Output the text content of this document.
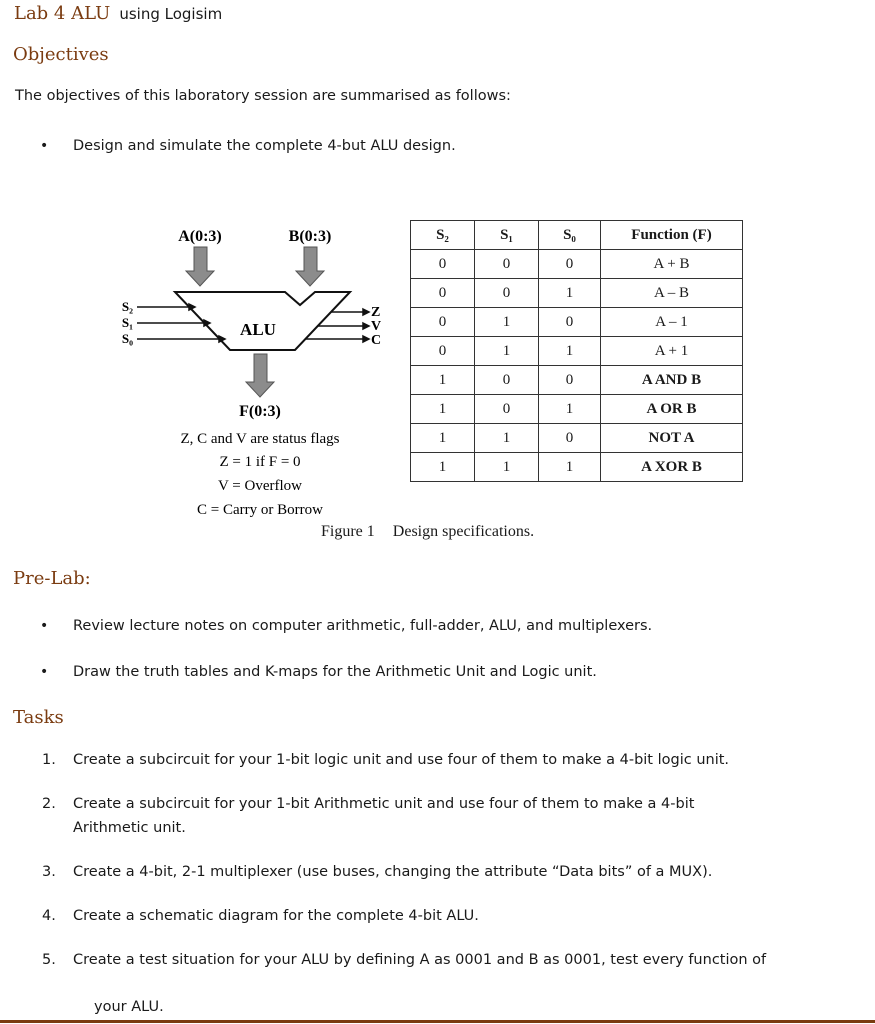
Lab 4 ALU using Logisim
Objectives
The objectives of this laboratory session are summarised as follows:
• Design and simulate the complete 4-but ALU design.
A(0:3)	B(0:3)
ALU
S₂
S₁
S₀
Z
V
C
F(0:3)
Z, C and V are status flags
Z = 1 if F = 0
V = Overflow
C = Carry or Borrow
S₂	S₁	S₀	Function (F)
0	0	0	A + B
0	0	1	A – B
0	1	0	A – 1
0	1	1	A + 1
1	0	0	A AND B
1	0	1	A OR B
1	1	0	NOT A
1	1	1	A XOR B
Figure 1 Design specifications.
Pre-Lab:
• Review lecture notes on computer arithmetic, full-adder, ALU, and multiplexers.
• Draw the truth tables and K-maps for the Arithmetic Unit and Logic unit.
Tasks
1. Create a subcircuit for your 1-bit logic unit and use four of them to make a 4-bit logic unit.
2. Create a subcircuit for your 1-bit Arithmetic unit and use four of them to make a 4-bit
Arithmetic unit.
3. Create a 4-bit, 2-1 multiplexer (use buses, changing the attribute “Data bits” of a MUX).
4. Create a schematic diagram for the complete 4-bit ALU.
5. Create a test situation for your ALU by defining A as 0001 and B as 0001, test every function of
your ALU.
